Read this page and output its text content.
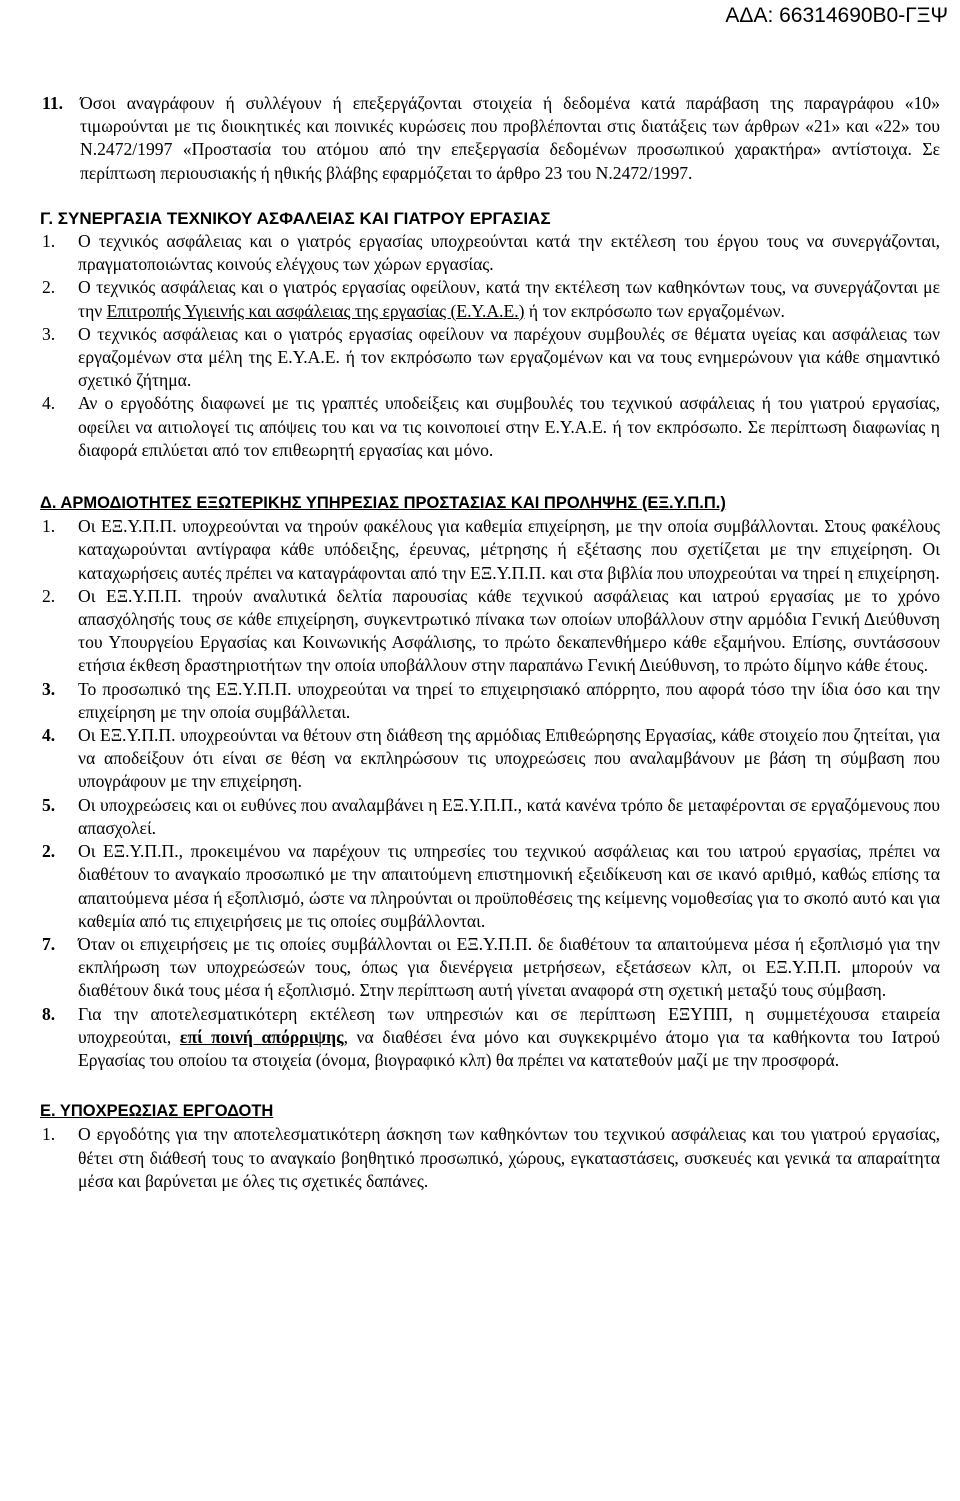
ΑΔΑ: 66314690Β0-ΓΞΨ
11. Όσοι αναγράφουν ή συλλέγουν ή επεξεργάζονται στοιχεία ή δεδομένα κατά παράβαση της παραγράφου «10» τιμωρούνται με τις διοικητικές και ποινικές κυρώσεις που προβλέπονται στις διατάξεις των άρθρων «21» και «22» του Ν.2472/1997 «Προστασία του ατόμου από την επεξεργασία δεδομένων προσωπικού χαρακτήρα» αντίστοιχα. Σε περίπτωση περιουσιακής ή ηθικής βλάβης εφαρμόζεται το άρθρο 23 του Ν.2472/1997.

Γ. ΣΥΝΕΡΓΑΣΙΑ ΤΕΧΝΙΚΟΥ ΑΣΦΑΛΕΙΑΣ ΚΑΙ ΓΙΑΤΡΟΥ ΕΡΓΑΣΙΑΣ

1.	Ο τεχνικός ασφάλειας και ο γιατρός εργασίας υποχρεούνται κατά την εκτέλεση του έργου τους να συνεργάζονται, πραγματοποιώντας κοινούς ελέγχους των χώρων εργασίας.
2.	Ο τεχνικός ασφάλειας και ο γιατρός εργασίας οφείλουν, κατά την εκτέλεση των καθηκόντων τους, να συνεργάζονται με την Επιτροπής Υγιεινής και ασφάλειας της εργασίας (Ε.Υ.Α.Ε.) ή τον εκπρόσωπο των εργαζομένων.
3.	Ο τεχνικός ασφάλειας και ο γιατρός εργασίας οφείλουν να παρέχουν συμβουλές σε θέματα υγείας και ασφάλειας των εργαζομένων στα μέλη της Ε.Υ.Α.Ε. ή τον εκπρόσωπο των εργαζομένων και να τους ενημερώνουν για κάθε σημαντικό σχετικό ζήτημα.
4.	Αν ο εργοδότης διαφωνεί με τις γραπτές υποδείξεις και συμβουλές του τεχνικού ασφάλειας ή του γιατρού εργασίας, οφείλει να αιτιολογεί τις απόψεις του και να τις κοινοποιεί στην Ε.Υ.Α.Ε. ή τον εκπρόσωπο. Σε περίπτωση διαφωνίας η διαφορά επιλύεται από τον επιθεωρητή εργασίας και μόνο.

Δ. ΑΡΜΟΔΙΟΤΗΤΕΣ ΕΞΩΤΕΡΙΚΗΣ ΥΠΗΡΕΣΙΑΣ ΠΡΟΣΤΑΣΙΑΣ ΚΑΙ ΠΡΟΛΗΨΗΣ (ΕΞ.Υ.Π.Π.)

1.	Οι ΕΞ.Υ.Π.Π. υποχρεούνται να τηρούν φακέλους για καθεμία επιχείρηση, με την οποία συμβάλλονται. Στους φακέλους καταχωρούνται αντίγραφα κάθε υπόδειξης, έρευνας, μέτρησης ή εξέτασης που σχετίζεται με την επιχείρηση. Οι καταχωρήσεις αυτές πρέπει να καταγράφονται από την ΕΞ.Υ.Π.Π. και στα βιβλία που υποχρεούται να τηρεί η επιχείρηση.
2.	Οι ΕΞ.Υ.Π.Π. τηρούν αναλυτικά δελτία παρουσίας κάθε τεχνικού ασφάλειας και ιατρού εργασίας με το χρόνο απασχόλησής τους σε κάθε επιχείρηση, συγκεντρωτικό πίνακα των οποίων υποβάλλουν στην αρμόδια Γενική Διεύθυνση του Υπουργείου Εργασίας και Κοινωνικής Ασφάλισης, το πρώτο δεκαπενθήμερο κάθε εξαμήνου. Επίσης, συντάσσουν ετήσια έκθεση δραστηριοτήτων την οποία υποβάλλουν στην παραπάνω Γενική Διεύθυνση, το πρώτο δίμηνο κάθε έτους.
3.	Το προσωπικό της ΕΞ.Υ.Π.Π. υποχρεούται να τηρεί το επιχειρησιακό απόρρητο, που αφορά τόσο την ίδια όσο και την επιχείρηση με την οποία συμβάλλεται.
4.	Οι ΕΞ.Υ.Π.Π. υποχρεούνται να θέτουν στη διάθεση της αρμόδιας Επιθεώρησης Εργασίας, κάθε στοιχείο που ζητείται, για να αποδείξουν ότι είναι σε θέση να εκπληρώσουν τις υποχρεώσεις που αναλαμβάνουν με βάση τη σύμβαση που υπογράφουν με την επιχείρηση.
5.	Οι υποχρεώσεις και οι ευθύνες που αναλαμβάνει η ΕΞ.Υ.Π.Π., κατά κανένα τρόπο δε μεταφέρονται σε εργαζόμενους που απασχολεί.
2.	Οι ΕΞ.Υ.Π.Π., προκειμένου να παρέχουν τις υπηρεσίες του τεχνικού ασφάλειας και του ιατρού εργασίας, πρέπει να διαθέτουν το αναγκαίο προσωπικό με την απαιτούμενη επιστημονική εξειδίκευση και σε ικανό αριθμό, καθώς επίσης τα απαιτούμενα μέσα ή εξοπλισμό, ώστε να πληρούνται οι προϋποθέσεις της κείμενης νομοθεσίας για το σκοπό αυτό και για καθεμία από τις επιχειρήσεις με τις οποίες συμβάλλονται.
7.	Όταν οι επιχειρήσεις με τις οποίες συμβάλλονται οι ΕΞ.Υ.Π.Π. δε διαθέτουν τα απαιτούμενα μέσα ή εξοπλισμό για την εκπλήρωση των υποχρεώσεών τους, όπως για διενέργεια μετρήσεων, εξετάσεων κλπ, οι ΕΞ.Υ.Π.Π. μπορούν να διαθέτουν δικά τους μέσα ή εξοπλισμό. Στην περίπτωση αυτή γίνεται αναφορά στη σχετική μεταξύ τους σύμβαση.
8.	Για την αποτελεσματικότερη εκτέλεση των υπηρεσιών και σε περίπτωση ΕΞΥΠΠ, η συμμετέχουσα εταιρεία υποχρεούται, επί ποινή απόρριψης, να διαθέσει ένα μόνο και συγκεκριμένο άτομο για τα καθήκοντα του Ιατρού Εργασίας του οποίου τα στοιχεία (όνομα, βιογραφικό κλπ) θα πρέπει να κατατεθούν μαζί με την προσφορά.

Ε. ΥΠΟΧΡΕΩΣΙΑΣ ΕΡΓΟΔΟΤΗ

1.	Ο εργοδότης για την αποτελεσματικότερη άσκηση των καθηκόντων του τεχνικού ασφάλειας και του γιατρού εργασίας, θέτει στη διάθεσή τους το αναγκαίο βοηθητικό προσωπικό, χώρους, εγκαταστάσεις, συσκευές και γενικά τα απαραίτητα μέσα και βαρύνεται με όλες τις σχετικές δαπάνες.
